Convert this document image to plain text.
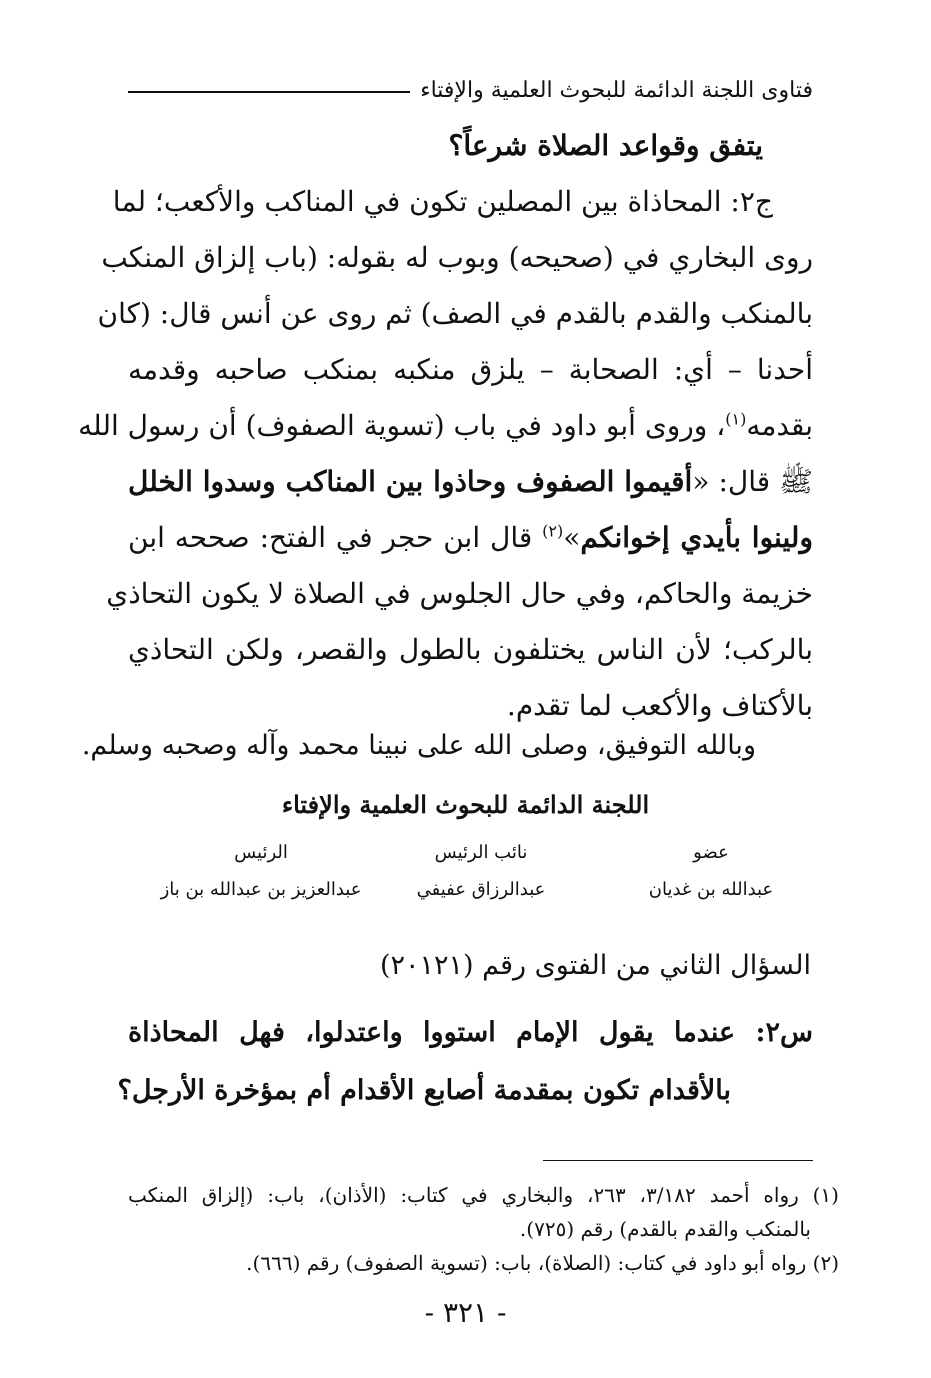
فتاوى اللجنة الدائمة للبحوث العلمية والإفتاء
يتفق وقواعد الصلاة شرعاً؟
ج٢: المحاذاة بين المصلين تكون في المناكب والأكعب؛ لما
روى البخاري في (صحيحه) وبوب له بقوله: (باب إلزاق المنكب
بالمنكب والقدم بالقدم في الصف) ثم روى عن أنس قال: (كان
أحدنا – أي: الصحابة – يلزق منكبه بمنكب صاحبه وقدمه
بقدمه$^{(١)}$، وروى أبو داود في باب (تسوية الصفوف) أن رسول الله
ﷺ قال: «أقيموا الصفوف وحاذوا بين المناكب وسدوا الخلل
ولينوا بأيدي إخوانكم»$^{(٢)}$ قال ابن حجر في الفتح: صححه ابن
خزيمة والحاكم، وفي حال الجلوس في الصلاة لا يكون التحاذي
بالركب؛ لأن الناس يختلفون بالطول والقصر، ولكن التحاذي
بالأكتاف والأكعب لما تقدم.
وبالله التوفيق، وصلى الله على نبينا محمد وآله وصحبه وسلم.
اللجنة الدائمة للبحوث العلمية والإفتاء
عضو
عبدالله بن غديان
نائب الرئيس
عبدالرزاق عفيفي
الرئيس
عبدالعزيز بن عبدالله بن باز
السؤال الثاني من الفتوى رقم (٢٠١٢١)
س٢: عندما يقول الإمام استووا واعتدلوا، فهل المحاذاة
بالأقدام تكون بمقدمة أصابع الأقدام أم بمؤخرة الأرجل؟
(١) رواه أحمد ٣/١٨٢، ٢٦٣، والبخاري في كتاب: (الأذان)، باب: (إلزاق المنكب
بالمنكب والقدم بالقدم) رقم (٧٢٥).
(٢) رواه أبو داود في كتاب: (الصلاة)، باب: (تسوية الصفوف) رقم (٦٦٦).
- ٣٢١ -
